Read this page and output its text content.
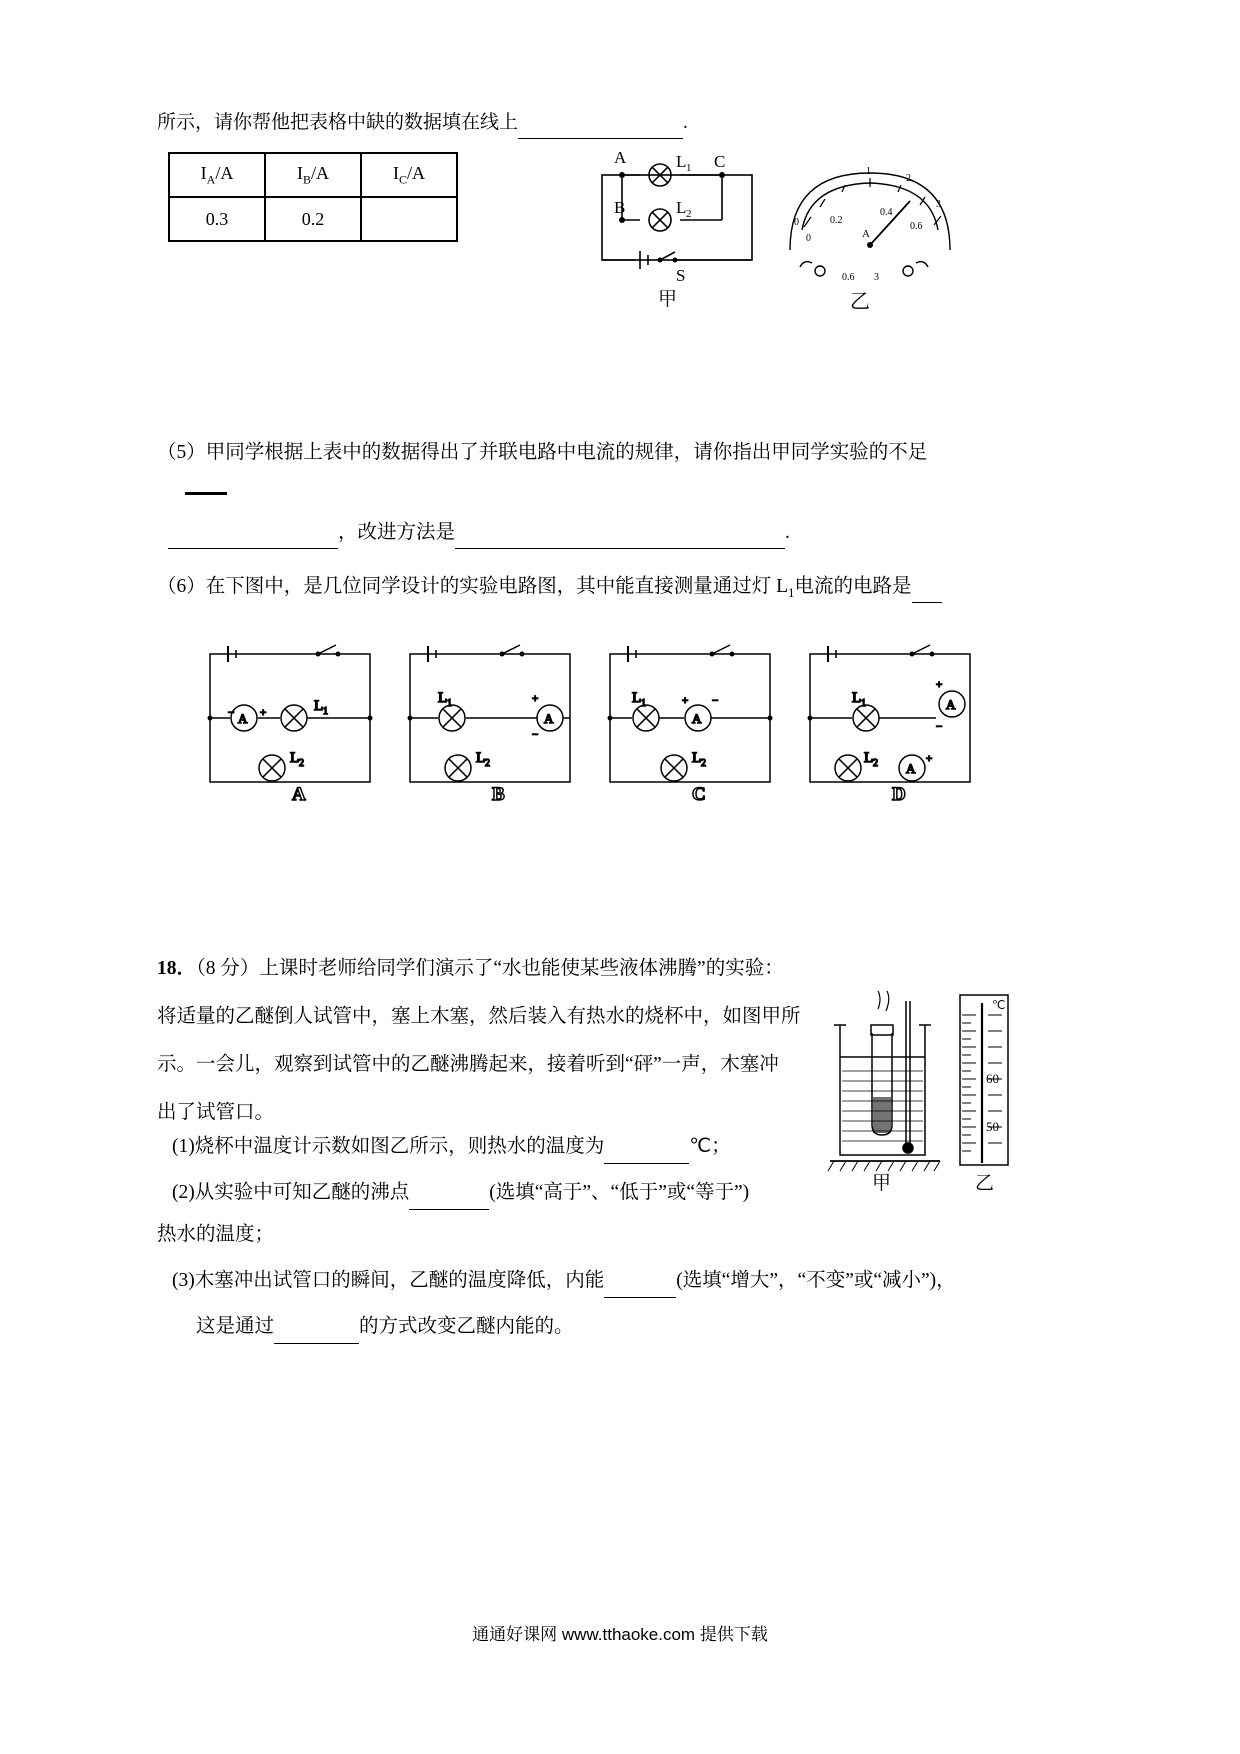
所示，请你帮他把表格中缺的数据填在线上	.
$I_A/A$	$I_B/A$	$I_C/A$
0.3	0.2	
A
B
C
L 1
L 2
S
甲
0
0
0.2
A
0.4
0.6
1
2
3
0.6 3
乙
（5）甲同学根据上表中的数据得出了并联电路中电流的规律，请你指出甲同学实验的不足
，改进方法是	.
（6）在下图中，是几位同学设计的实验电路图，其中能直接测量通过灯 $L_1$电流的电路是
A
− +	L 1
L 2
A
L 1
A
+
−
L 2
B
L 1
A
+ −
L 2
C
L 1	A
+
−
L 2 A
+
D
18．（8 分）上课时老师给同学们演示了“水也能使某些液体沸腾”的实验：
将适量的乙醚倒人试管中，塞上木塞，然后装入有热水的烧杯中，如图甲所
示。一会儿，观察到试管中的乙醚沸腾起来，接着听到“砰”一声，木塞冲
出了试管口。
(1)烧杯中温度计示数如图乙所示，则热水的温度为	℃；
(2)从实验中可知乙醚的沸点	(选填“高于”、“低于”或“等于”)
热水的温度；
(3)木塞冲出试管口的瞬间，乙醚的温度降低，内能	(选填“增大”，“不变”或“减小”)，
这是通过	的方式改变乙醚内能的。
℃
60
50
甲	乙
通通好课网 www.tthaoke.com 提供下载
